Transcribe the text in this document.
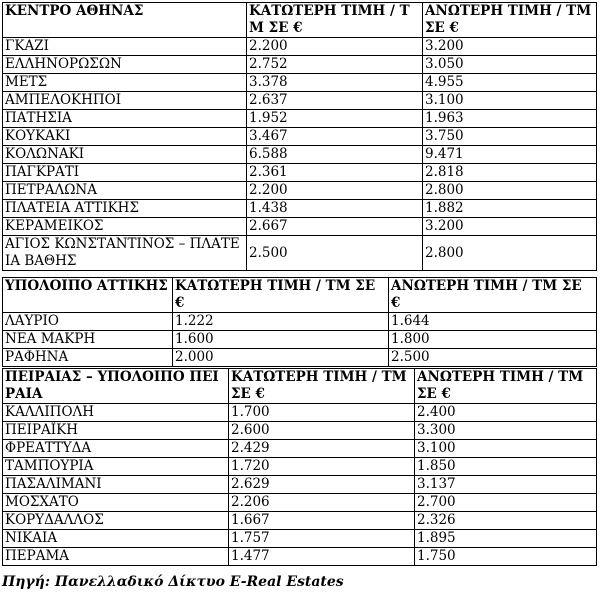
ΚΕΝΤΡΟ ΑΘΗΝΑΣ	ΚΑΤΩΤΕΡΗ ΤΙΜΗ / ΤΜ ΣΕ €	ΑΝΩΤΕΡΗ ΤΙΜΗ / ΤΜ ΣΕ €
ΓΚΑΖΙ	2.200	3.200
ΕΛΛΗΝΟΡΩΣΩΝ	2.752	3.050
ΜΕΤΣ	3.378	4.955
ΑΜΠΕΛΟΚΗΠΟΙ	2.637	3.100
ΠΑΤΗΣΙΑ	1.952	1.963
ΚΟΥΚΑΚΙ	3.467	3.750
ΚΟΛΩΝΑΚΙ	6.588	9.471
ΠΑΓΚΡΑΤΙ	2.361	2.818
ΠΕΤΡΑΛΩΝΑ	2.200	2.800
ΠΛΑΤΕΙΑ ΑΤΤΙΚΗΣ	1.438	1.882
ΚΕΡΑΜΕΙΚΟΣ	2.667	3.200
ΑΓΙΟΣ ΚΩΝΣΤΑΝΤΙΝΟΣ – ΠΛΑΤΕΙΑ ΒΑΘΗΣ	2.500	2.800
ΥΠΟΛΟΙΠΟ ΑΤΤΙΚΗΣ	ΚΑΤΩΤΕΡΗ ΤΙΜΗ / ΤΜ ΣΕ €	ΑΝΩΤΕΡΗ ΤΙΜΗ / ΤΜ ΣΕ €
ΛΑΥΡΙΟ	1.222	1.644
ΝΕΑ ΜΑΚΡΗ	1.600	1.800
ΡΑΦΗΝΑ	2.000	2.500
ΠΕΙΡΑΙΑΣ – ΥΠΟΛΟΙΠΟ ΠΕΙΡΑΙΑ	ΚΑΤΩΤΕΡΗ ΤΙΜΗ / ΤΜ ΣΕ €	ΑΝΩΤΕΡΗ ΤΙΜΗ / ΤΜ ΣΕ €
ΚΑΛΛΙΠΟΛΗ	1.700	2.400
ΠΕΙΡΑΪΚΗ	2.600	3.300
ΦΡΕΑΤΤΥΔΑ	2.429	3.100
ΤΑΜΠΟΥΡΙΑ	1.720	1.850
ΠΑΣΑΛΙΜΑΝΙ	2.629	3.137
ΜΟΣΧΑΤΟ	2.206	2.700
ΚΟΡΥΔΑΛΛΟΣ	1.667	2.326
ΝΙΚΑΙΑ	1.757	1.895
ΠΕΡΑΜΑ	1.477	1.750
Πηγή: Πανελλαδικό Δίκτυο E-Real Estates
